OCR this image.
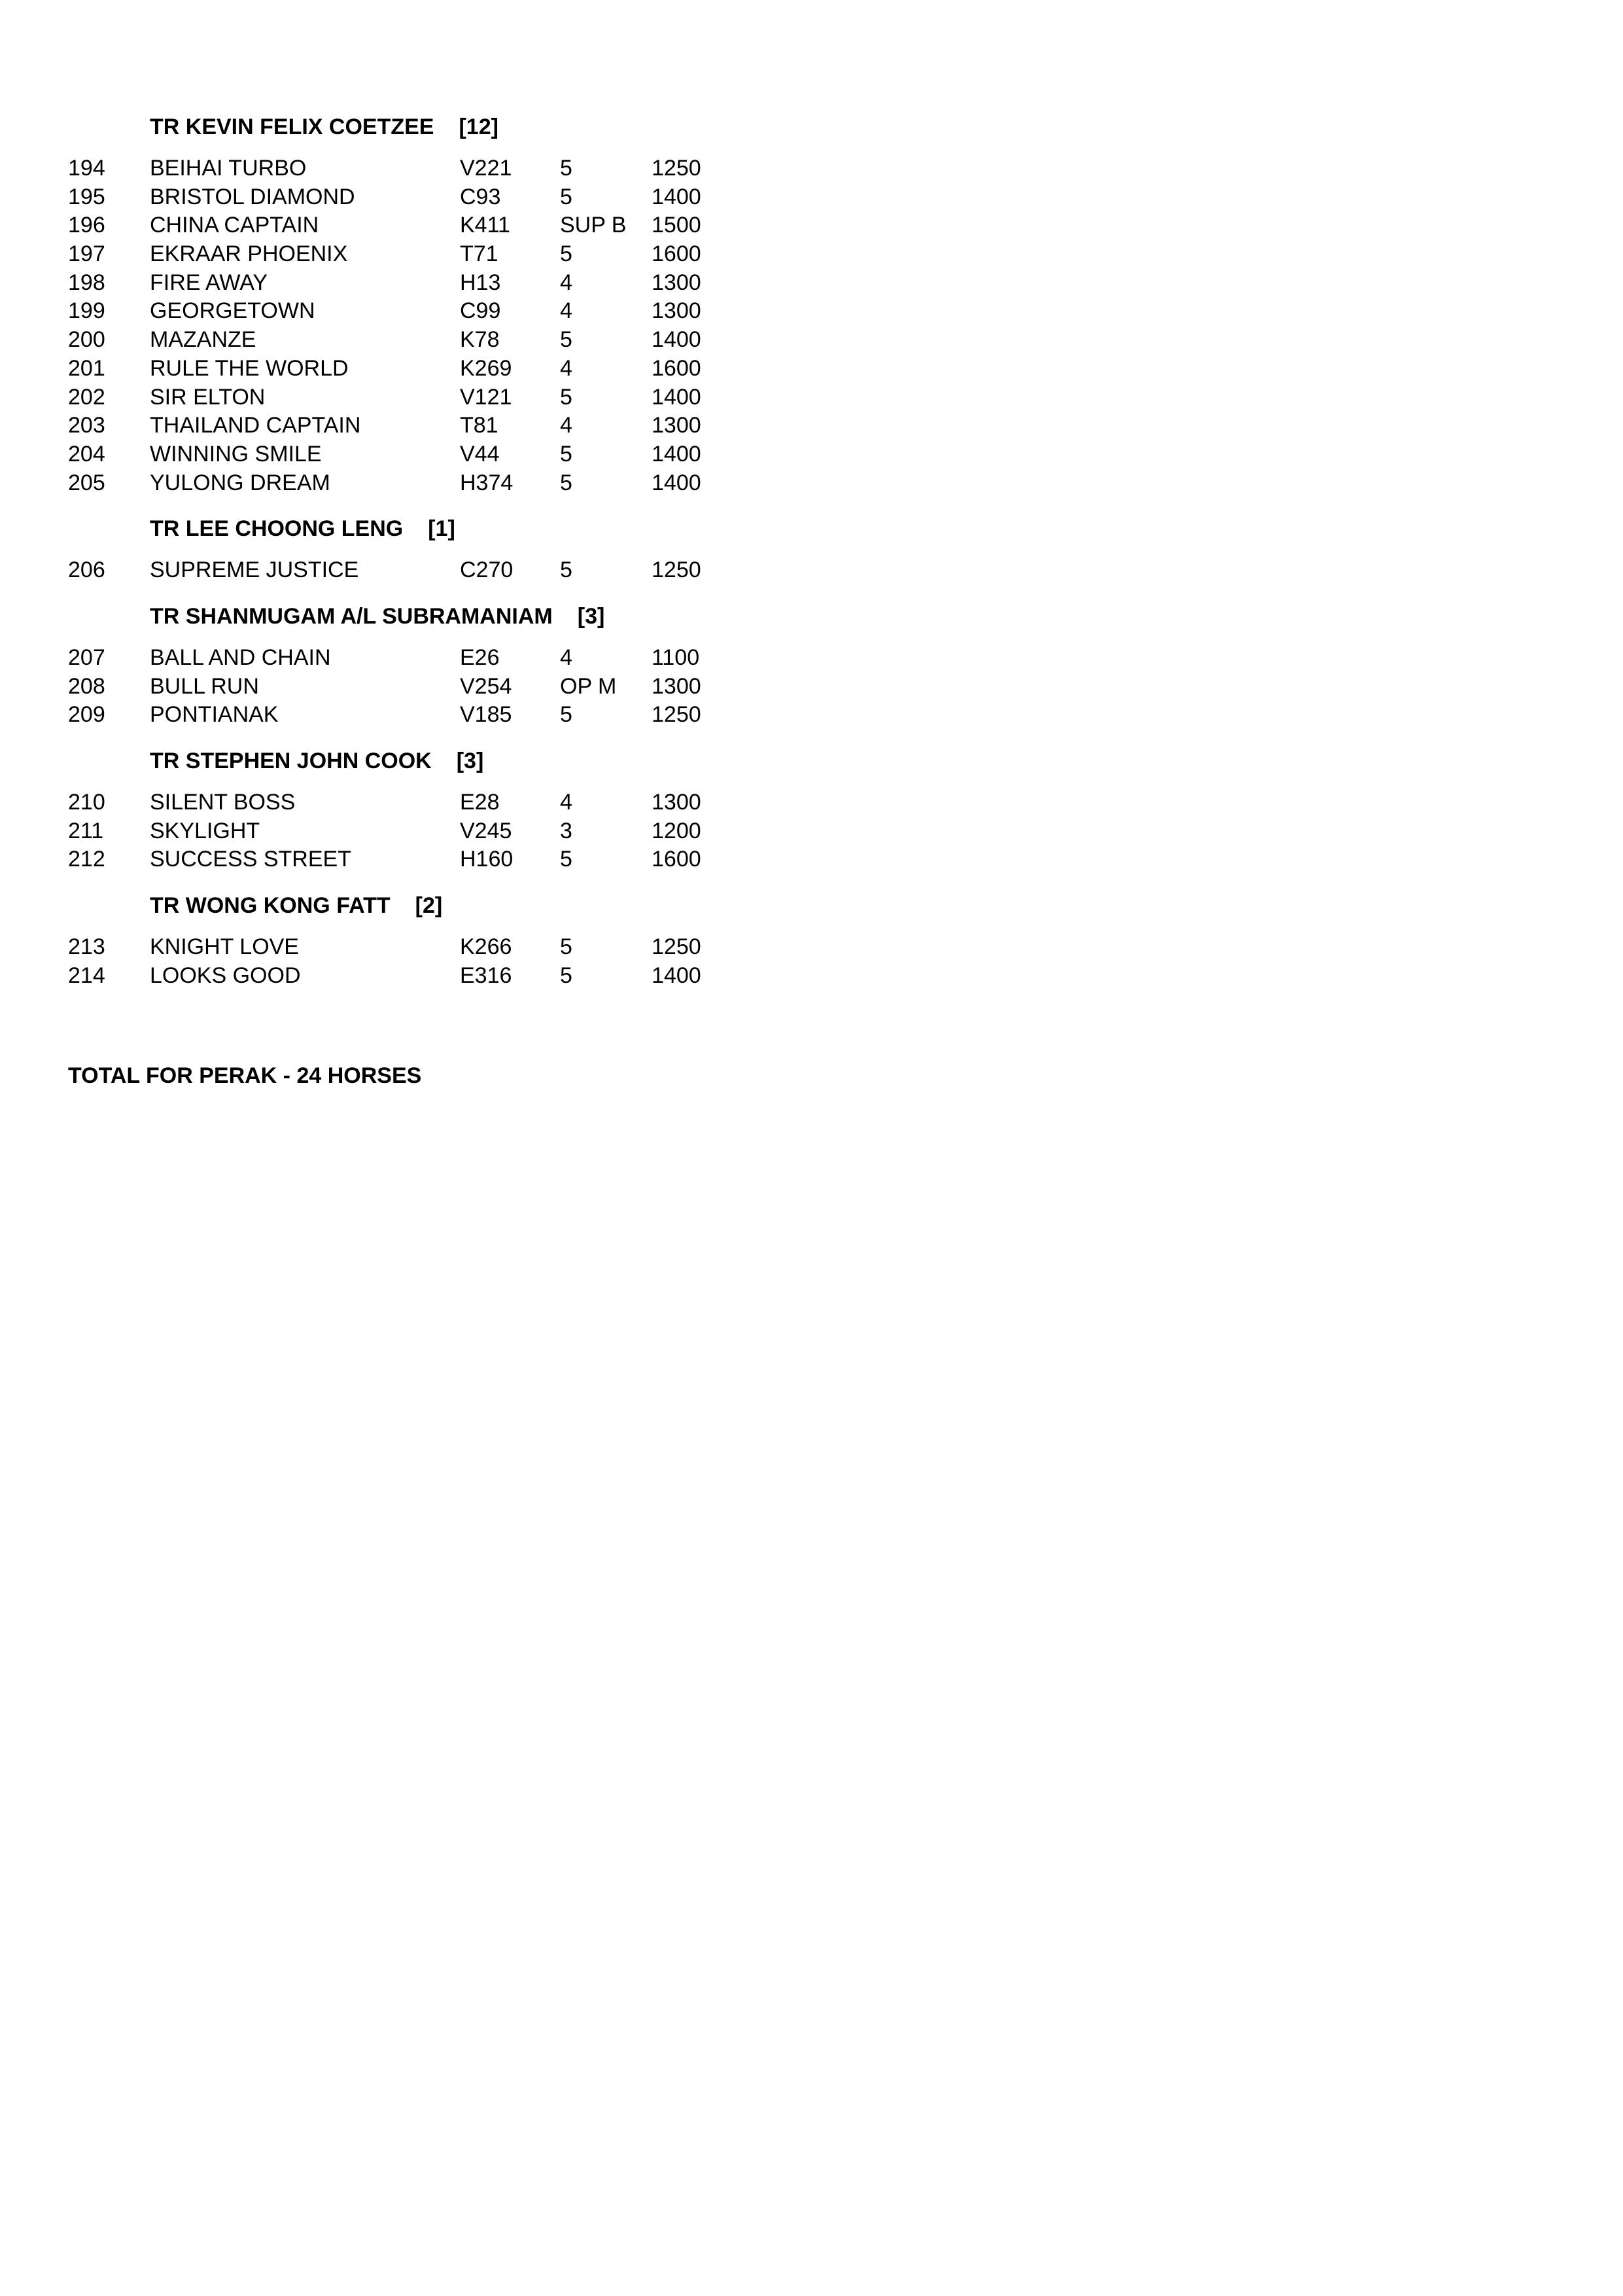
TR KEVIN FELIX COETZEE [12]
194 BEIHAI TURBO	V221 5	1250
195 BRISTOL DIAMOND	C93	5	1400
196 CHINA CAPTAIN	K411 SUP B 1500
197 EKRAAR PHOENIX	T71	5	1600
198 FIRE AWAY	H13	4	1300
199 GEORGETOWN	C99	4	1300
200 MAZANZE	K78	5	1400
201 RULE THE WORLD	K269 4	1600
202 SIR ELTON	V121 5	1400
203 THAILAND CAPTAIN	T81	4	1300
204 WINNING SMILE	V44	5	1400
205 YULONG DREAM	H374 5	1400
TR LEE CHOONG LENG [1]
206 SUPREME JUSTICE	C270 5	1250
TR SHANMUGAM A/L SUBRAMANIAM [3]
207 BALL AND CHAIN	E26	4	1100
208 BULL RUN	V254 OP M 1300
209 PONTIANAK	V185 5	1250
TR STEPHEN JOHN COOK [3]
210 SILENT BOSS	E28	4	1300
211 SKYLIGHT	V245 3	1200
212 SUCCESS STREET	H160 5	1600
TR WONG KONG FATT [2]
213 KNIGHT LOVE	K266 5	1250
214 LOOKS GOOD	E316 5	1400
TOTAL FOR PERAK - 24 HORSES
